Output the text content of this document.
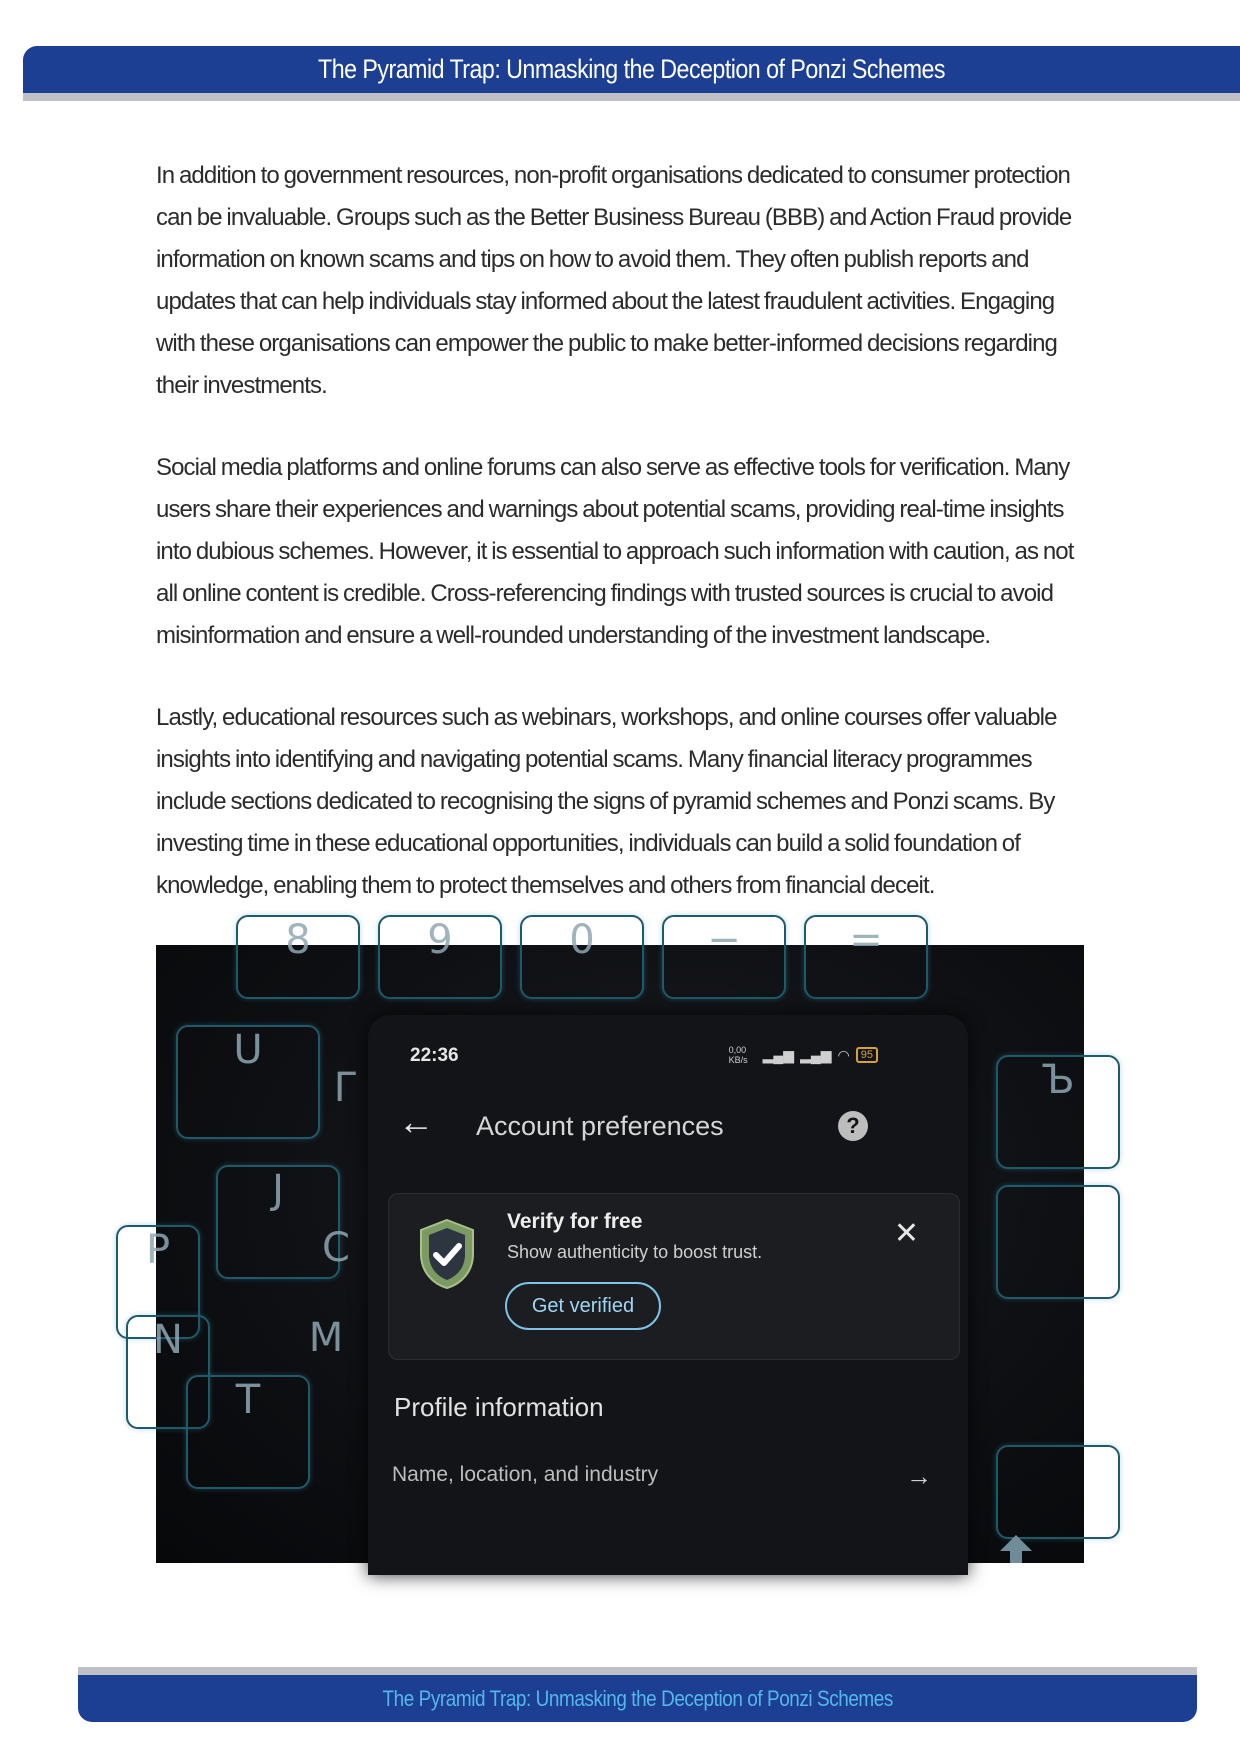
The Pyramid Trap: Unmasking the Deception of Ponzi Schemes

In addition to government resources, non-profit organisations dedicated to consumer protection can be invaluable. Groups such as the Better Business Bureau (BBB) and Action Fraud provide information on known scams and tips on how to avoid them. They often publish reports and updates that can help individuals stay informed about the latest fraudulent activities. Engaging with these organisations can empower the public to make better-informed decisions regarding their investments.

Social media platforms and online forums can also serve as effective tools for verification. Many users share their experiences and warnings about potential scams, providing real-time insights into dubious schemes. However, it is essential to approach such information with caution, as not all online content is credible. Cross-referencing findings with trusted sources is crucial to avoid misinformation and ensure a well-rounded understanding of the investment landscape.

Lastly, educational resources such as webinars, workshops, and online courses offer valuable insights into identifying and navigating potential scams. Many financial literacy programmes include sections dedicated to recognising the signs of pyramid schemes and Ponzi scams. By investing time in these educational opportunities, individuals can build a solid foundation of knowledge, enabling them to protect themselves and others from financial deceit.

8	9	0	−	=
U
Г
J
P	C
N	M
T
Ъ
22:36	0,00 KB/s	▂▄▆ ▂▄▆ ◠	95
← Account preferences	?
Verify for free
Show authenticity to boost trust.
✕
Get verified
Profile information
Name, location, and industry	→
The Pyramid Trap: Unmasking the Deception of Ponzi Schemes
